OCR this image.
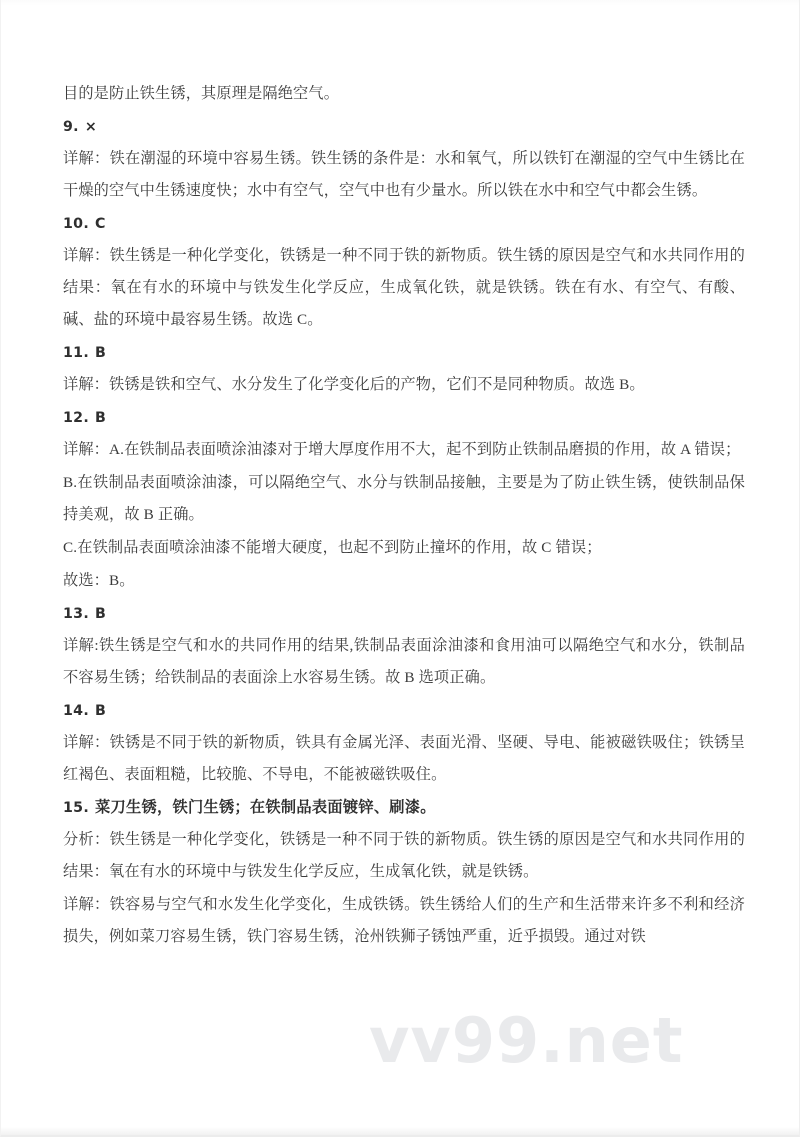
vv99.net

目的是防止铁生锈，其原理是隔绝空气。

9. ×

详解：铁在潮湿的环境中容易生锈。铁生锈的条件是：水和氧气，所以铁钉在潮湿的空气中生锈比在干燥的空气中生锈速度快；水中有空气，空气中也有少量水。所以铁在水中和空气中都会生锈。

10. C

详解：铁生锈是一种化学变化，铁锈是一种不同于铁的新物质。铁生锈的原因是空气和水共同作用的结果：氧在有水的环境中与铁发生化学反应，生成氧化铁，就是铁锈。铁在有水、有空气、有酸、碱、盐的环境中最容易生锈。故选 C。

11. B

详解：铁锈是铁和空气、水分发生了化学变化后的产物，它们不是同种物质。故选 B。

12. B

详解：A.在铁制品表面喷涂油漆对于增大厚度作用不大，起不到防止铁制品磨损的作用，故 A 错误；

B.在铁制品表面喷涂油漆，可以隔绝空气、水分与铁制品接触，主要是为了防止铁生锈，使铁制品保持美观，故 B 正确。

C.在铁制品表面喷涂油漆不能增大硬度，也起不到防止撞坏的作用，故 C 错误；

故选：B。

13. B

详解:铁生锈是空气和水的共同作用的结果,铁制品表面涂油漆和食用油可以隔绝空气和水分，铁制品不容易生锈；给铁制品的表面涂上水容易生锈。故 B 选项正确。

14. B

详解：铁锈是不同于铁的新物质，铁具有金属光泽、表面光滑、坚硬、导电、能被磁铁吸住；铁锈呈红褐色、表面粗糙，比较脆、不导电，不能被磁铁吸住。

15. 菜刀生锈，铁门生锈；在铁制品表面镀锌、刷漆。

分析：铁生锈是一种化学变化，铁锈是一种不同于铁的新物质。铁生锈的原因是空气和水共同作用的结果：氧在有水的环境中与铁发生化学反应，生成氧化铁，就是铁锈。

详解：铁容易与空气和水发生化学变化，生成铁锈。铁生锈给人们的生产和生活带来许多不利和经济损失，例如菜刀容易生锈，铁门容易生锈，沧州铁狮子锈蚀严重，近乎损毁。通过对铁
